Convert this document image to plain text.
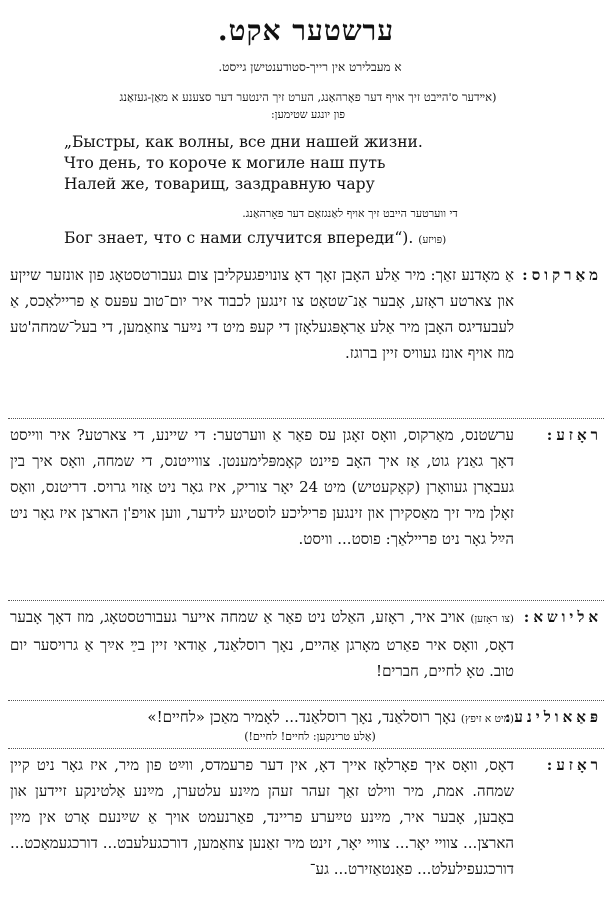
ערשטער אקט.
א מעבלירט אין רייך-סטודענטישן גייסט.
(אײדער ס'הײבט זיך אויף דער פאָרהאַנג, הערט זיך הינטער דער סצענע א מאַן-געזאַנג
פון יונגע שטימען:
„Быстры, как волны, все дни нашей жизни.
Что день, то короче к могиле наш путь
Налей же, товарищ, заздравную чару
די ווערטער הייבט זיך אויף לאַנגזאַם דער פאָרהאַנג.
Бог знает, что с нами случится впереди“). (פּויזע)
מאַרקוס:
אַ מאָדנע זאַך: מיר אַלע האָבן זאָך דאָ צונויפגעקליבן צום געבורטסטאָג פון אונזער שייןע און צארטע ראָזע, אָבער אַנ־שטאָט צו זינגען לכבוד איר יום־טוב עפּעס אַ פריילאַכס, אַ לעבעדיגס האָבן מיר אַלע אַראָפּגעלאָזן די קעפּ מיט די נײַער צוזאַמען, די בעל־שמחה'טע מוז אויף אונז געוויס זיין ברוגז.
ראָזע:
ערשטנס, מאַרקוס, וואָס זאָגן עס פאַר אַ ווערטער: די שיינע, די צארטע? איר ווייסט דאָך גאַנץ גוט, אַז איך האָב פיינט קאָמפּלימענטן. צווייטנס, די שמחה, וואָס איך בין געבאָרן געוואָרן (קאָקעטיש) מיט 24 יאָר צוריק, איז גאָר ניט אַזוי גרויס. דריטנס, וואָס זאָלן מיר זיך מאַסקירן און זינגען פריליכע לוסטיגע לידער, ווען אויפ'ן הארצן איז גאָר ניט הײַל גאָר ניט פריילאַך: פוסט... וויסט.
אליושא:
(צו ראָזען) אויב איר, ראָזע, האַלט ניט פאַר אַ שמחה אייער געבורטסטאָג, מוז דאָך אָבער דאָס, וואָס איר פאַרט מאָרגן אַהיים, נאָך רוסלאַנד, אַודאי זיין בײַ אײַך אַ גרויסער יום טוב. טאָ לחיים, חברים!
פּאַאולינע:
(מיט א זיפץ) נאָך רוסלאַנד, נאָך רוסלאַנד... לאָמיר מאַכן «לחיים!»
(אַלע טרינקען: לחיים! לחיים!)
ראָזע:
דאָס, וואָס איך פאָרלאָז אייך דאָ, אין דער פרעמדס, ווײַט פון מיר, איז גאָר ניט קיין שמחה. אמת, מיר ווילט זאַך זעהר זעהן מײַנע עלטערן, מײַנע אַלטינקע זיידען און באָבען, אָבער איר, מײַנע טײַערע פריינד, פאַרנעמט אויך אַ שײַנעם אָרט אין מײַן הארצן... צוויי יאָר... צוויי יאָר, זינט מיר זאַנען צוזאַמען, דורכגעלעבט... דורכגעמאַכט... דורכגעפילעלט... פאַנטאַזירט... גע־
